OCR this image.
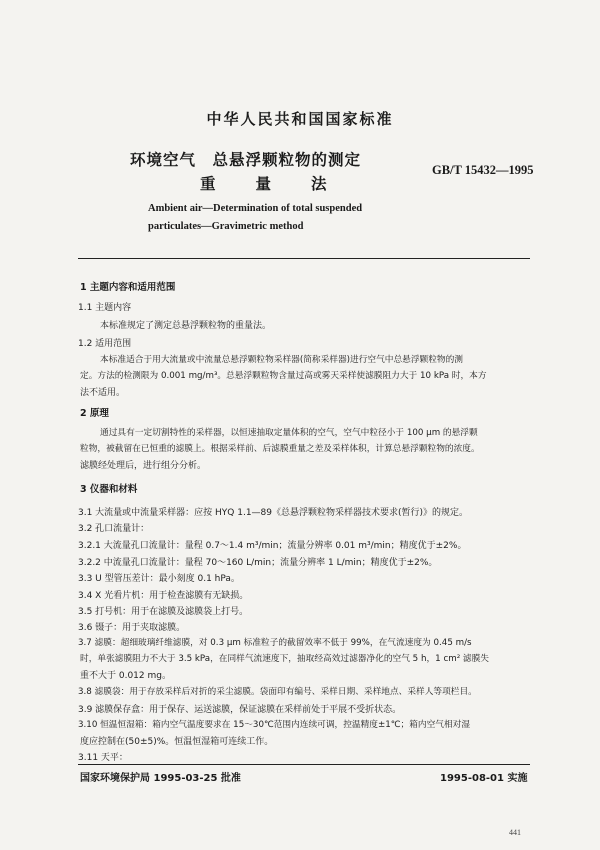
中华人民共和国国家标准
环境空气　总悬浮颗粒物的测定
重量法
GB/T 15432—1995
Ambient air—Determination of total suspended
particulates—Gravimetric method
1 主题内容和适用范围
1.1 主题内容
本标准规定了测定总悬浮颗粒物的重量法。
1.2 适用范围
本标准适合于用大流量或中流量总悬浮颗粒物采样器(简称采样器)进行空气中总悬浮颗粒物的测
定。方法的检测限为 0.001 mg/m³。总悬浮颗粒物含量过高或雾天采样使滤膜阻力大于 10 kPa 时，本方
法不适用。
2 原理
通过具有一定切割特性的采样器，以恒速抽取定量体积的空气，空气中粒径小于 100 μm 的悬浮颗
粒物，被截留在已恒重的滤膜上。根据采样前、后滤膜重量之差及采样体积，计算总悬浮颗粒物的浓度。
滤膜经处理后，进行组分分析。
3 仪器和材料
3.1 大流量或中流量采样器：应按 HYQ 1.1—89《总悬浮颗粒物采样器技术要求(暂行)》的规定。
3.2 孔口流量计：
3.2.1 大流量孔口流量计：量程 0.7～1.4 m³/min；流量分辨率 0.01 m³/min；精度优于±2%。
3.2.2 中流量孔口流量计：量程 70～160 L/min；流量分辨率 1 L/min；精度优于±2%。
3.3 U 型管压差计：最小刻度 0.1 hPa。
3.4 X 光看片机：用于检查滤膜有无缺损。
3.5 打号机：用于在滤膜及滤膜袋上打号。
3.6 镊子：用于夹取滤膜。
3.7 滤膜：超细玻璃纤维滤膜，对 0.3 μm 标准粒子的截留效率不低于 99%，在气流速度为 0.45 m/s
时，单张滤膜阻力不大于 3.5 kPa，在同样气流速度下，抽取经高效过滤器净化的空气 5 h，1 cm² 滤膜失
重不大于 0.012 mg。
3.8 滤膜袋：用于存放采样后对折的采尘滤膜。袋面印有编号、采样日期、采样地点、采样人等项栏目。
3.9 滤膜保存盒：用于保存、运送滤膜，保证滤膜在采样前处于平展不受折状态。
3.10 恒温恒湿箱：箱内空气温度要求在 15～30℃范围内连续可调，控温精度±1℃；箱内空气相对湿
度应控制在(50±5)%。恒温恒湿箱可连续工作。
3.11 天平：
国家环境保护局 1995-03-25 批准	1995-08-01 实施
441
